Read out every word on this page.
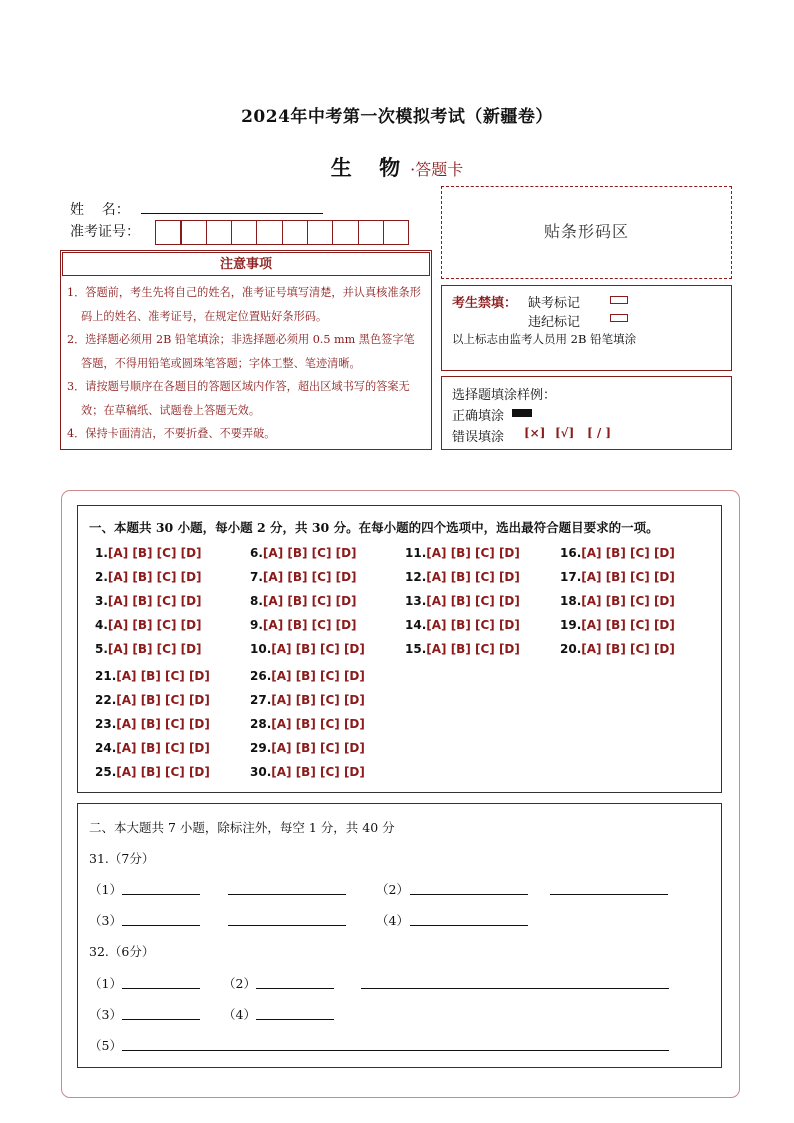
2024年中考第一次模拟考试（新疆卷）
生 物·答题卡
姓    名：
准考证号：
注意事项
1．答题前，考生先将自己的姓名，准考证号填写清楚，并认真核准条形码上的姓名、准考证号，在规定位置贴好条形码。
2．选择题必须用 2B 铅笔填涂；非选择题必须用 0.5 mm 黑色签字笔答题，不得用铅笔或圆珠笔答题；字体工整、笔迹清晰。
3．请按题号顺序在各题目的答题区域内作答，超出区域书写的答案无效；在草稿纸、试题卷上答题无效。
4．保持卡面清洁，不要折叠、不要弄破。
贴条形码区
考生禁填： 缺考标记
违纪标记
以上标志由监考人员用 2B 铅笔填涂
选择题填涂样例：
正确填涂
错误填涂 [×] [√] [ / ]
一、本题共 30 小题，每小题 2 分，共 30 分。在每小题的四个选项中，选出最符合题目要求的一项。
1.[A] [B] [C] [D]
2.[A] [B] [C] [D]
3.[A] [B] [C] [D]
4.[A] [B] [C] [D]
5.[A] [B] [C] [D]
6.[A] [B] [C] [D]
7.[A] [B] [C] [D]
8.[A] [B] [C] [D]
9.[A] [B] [C] [D]
10.[A] [B] [C] [D]
11.[A] [B] [C] [D]
12.[A] [B] [C] [D]
13.[A] [B] [C] [D]
14.[A] [B] [C] [D]
15.[A] [B] [C] [D]
16.[A] [B] [C] [D]
17.[A] [B] [C] [D]
18.[A] [B] [C] [D]
19.[A] [B] [C] [D]
20.[A] [B] [C] [D]
21.[A] [B] [C] [D]
22.[A] [B] [C] [D]
23.[A] [B] [C] [D]
24.[A] [B] [C] [D]
25.[A] [B] [C] [D]
26.[A] [B] [C] [D]
27.[A] [B] [C] [D]
28.[A] [B] [C] [D]
29.[A] [B] [C] [D]
30.[A] [B] [C] [D]
二、本大题共 7 小题，除标注外，每空 1 分，共 40 分
31.（7分）
（1）	（2）
（3）	（4）
32.（6分）
（1）	（2）
（3）	（4）
（5）
